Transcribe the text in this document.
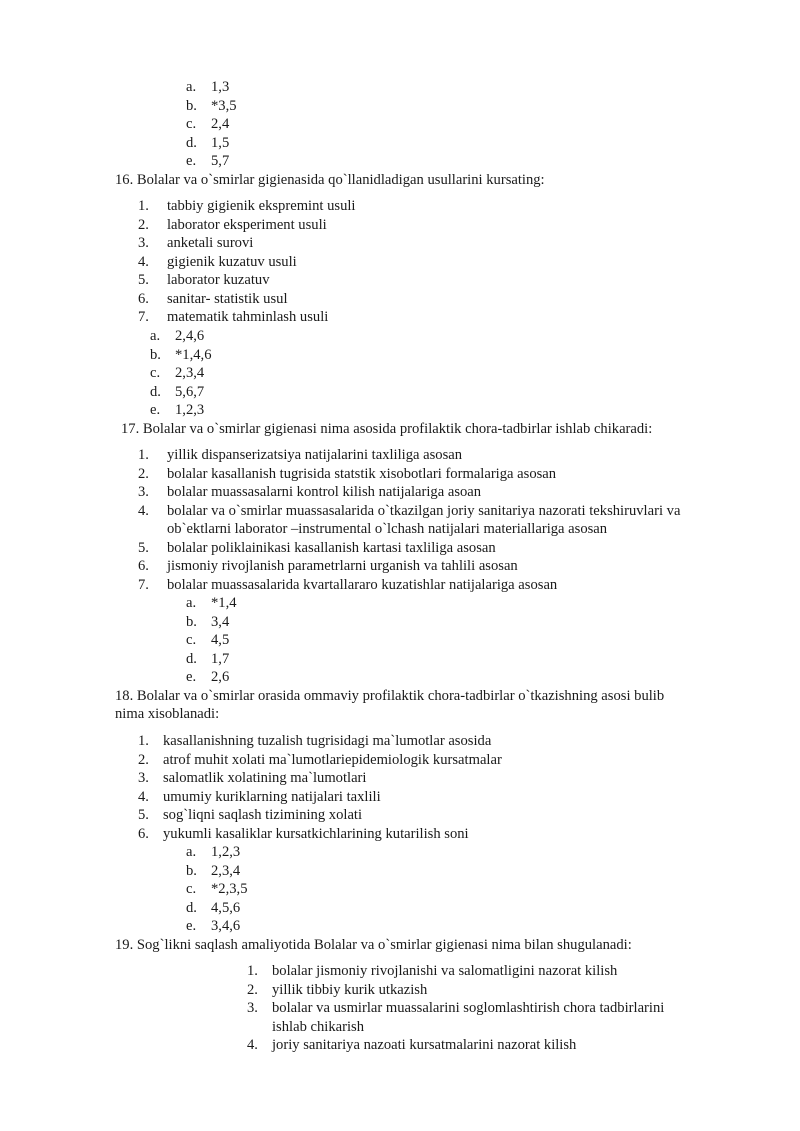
a. 1,3
b. *3,5
c. 2,4
d. 1,5
e. 5,7
16. Bolalar va o`smirlar gigienasida qo`llanidladigan usullarini kursating:
1. tabbiy gigienik ekspremint usuli
2. laborator eksperiment usuli
3. anketali surovi
4. gigienik kuzatuv usuli
5. laborator kuzatuv
6. sanitar- statistik usul
7. matematik tahminlash usuli
a. 2,4,6
b. *1,4,6
c. 2,3,4
d. 5,6,7
e. 1,2,3
17. Bolalar va o`smirlar gigienasi nima asosida profilaktik chora-tadbirlar ishlab chikaradi:
1. yillik dispanserizatsiya natijalarini taxliliga asosan
2. bolalar kasallanish tugrisida statstik xisobotlari formalariga asosan
3. bolalar muassasalarni kontrol kilish natijalariga asoan
4. bolalar va o`smirlar muassasalarida o`tkazilgan joriy sanitariya nazorati tekshiruvlari va
ob`ektlarni laborator –instrumental o`lchash natijalari materiallariga asosan
5. bolalar poliklainikasi kasallanish kartasi taxliliga asosan
6. jismoniy rivojlanish parametrlarni urganish va tahlili asosan
7. bolalar muassasalarida kvartallararo kuzatishlar natijalariga asosan
a. *1,4
b. 3,4
c. 4,5
d. 1,7
e. 2,6
18. Bolalar va o`smirlar orasida ommaviy profilaktik chora-tadbirlar o`tkazishning asosi bulib
nima xisoblanadi:
1. kasallanishning tuzalish tugrisidagi ma`lumotlar asosida
2. atrof muhit xolati ma`lumotlariepidemiologik kursatmalar
3. salomatlik xolatining ma`lumotlari
4. umumiy kuriklarning natijalari taxlili
5. sog`liqni saqlash tizimining xolati
6. yukumli kasaliklar kursatkichlarining kutarilish soni
a. 1,2,3
b. 2,3,4
c. *2,3,5
d. 4,5,6
e. 3,4,6
19. Sog`likni saqlash amaliyotida Bolalar va o`smirlar gigienasi nima bilan shugulanadi:
1. bolalar jismoniy rivojlanishi va salomatligini nazorat kilish
2. yillik tibbiy kurik utkazish
3. bolalar va usmirlar muassalarini soglomlashtirish chora tadbirlarini
ishlab chikarish
4. joriy sanitariya nazoati kursatmalarini nazorat kilish
